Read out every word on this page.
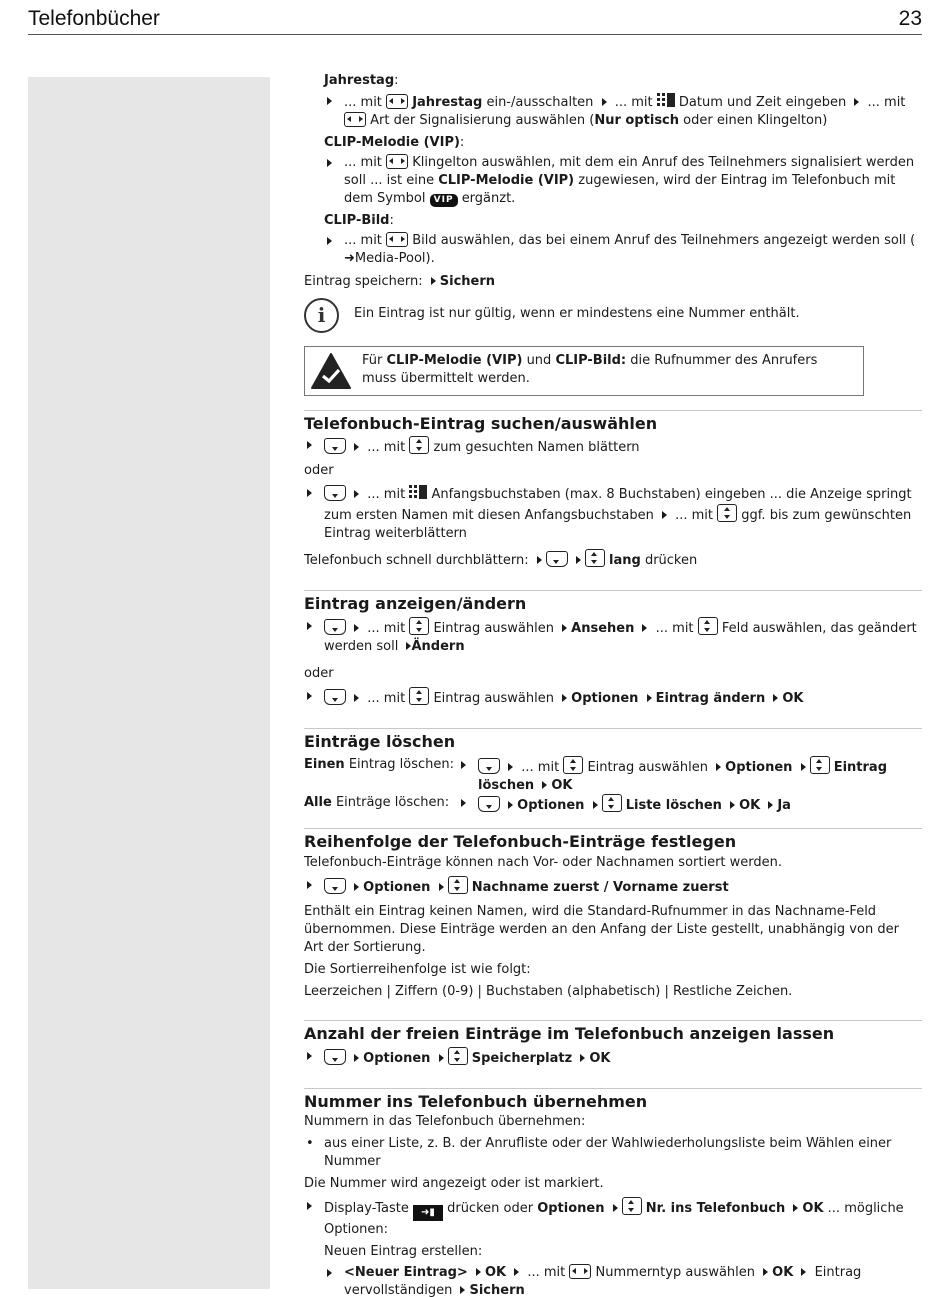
Telefonbücher	23
Jahrestag:
... mit Jahrestag ein-/ausschalten ... mit Datum und Zeit eingeben ... mit  Art der Signalisierung auswählen (Nur optisch oder einen Klingelton)
CLIP-Melodie (VIP):
... mit Klingelton auswählen, mit dem ein Anruf des Teilnehmers signalisiert werden soll ... ist eine CLIP-Melodie (VIP) zugewiesen, wird der Eintrag im Telefonbuch mit dem Symbol VIP ergänzt.
CLIP-Bild:
... mit Bild auswählen, das bei einem Anruf des Teilnehmers angezeigt werden soll (➜Media-Pool).
Eintrag speichern: Sichern
i	Ein Eintrag ist nur gültig, wenn er mindestens eine Nummer enthält.
Für CLIP-Melodie (VIP) und CLIP-Bild: die Rufnummer des Anrufers muss übermittelt werden.
Telefonbuch-Eintrag suchen/auswählen
... mit zum gesuchten Namen blättern
oder
... mit Anfangsbuchstaben (max. 8 Buchstaben) eingeben ... die Anzeige springt zum ersten Namen mit diesen Anfangsbuchstaben ... mit ggf. bis zum gewünschten Eintrag weiterblättern
Telefonbuch schnell durchblättern:	lang drücken
Eintrag anzeigen/ändern
... mit Eintrag auswählen Ansehen ... mit Feld auswählen, das geändert werden soll Ändern
oder
... mit Eintrag auswählen Optionen Eintrag ändern OK
Einträge löschen
Einen Eintrag löschen:	... mit Eintrag auswählen Optionen	Eintrag löschen OK
Alle Einträge löschen:	Optionen	Liste löschen OK Ja
Reihenfolge der Telefonbuch-Einträge festlegen
Telefonbuch-Einträge können nach Vor- oder Nachnamen sortiert werden.
Optionen	Nachname zuerst / Vorname zuerst
Enthält ein Eintrag keinen Namen, wird die Standard-Rufnummer in das Nachname-Feld übernommen. Diese Einträge werden an den Anfang der Liste gestellt, unabhängig von der Art der Sortierung.
Die Sortierreihenfolge ist wie folgt:
Leerzeichen | Ziffern (0-9) | Buchstaben (alphabetisch) | Restliche Zeichen.
Anzahl der freien Einträge im Telefonbuch anzeigen lassen
Optionen	Speicherplatz OK
Nummer ins Telefonbuch übernehmen
Nummern in das Telefonbuch übernehmen:
• aus einer Liste, z. B. der Anrufliste oder der Wahlwiederholungsliste beim Wählen einer Nummer
Die Nummer wird angezeigt oder ist markiert.
Display-Taste ➜▮ drücken oder Optionen	Nr. ins Telefonbuch OK ... mögliche Optionen:
Neuen Eintrag erstellen:
<Neuer Eintrag> OK ... mit Nummerntyp auswählen OK Eintrag vervollständigen Sichern
